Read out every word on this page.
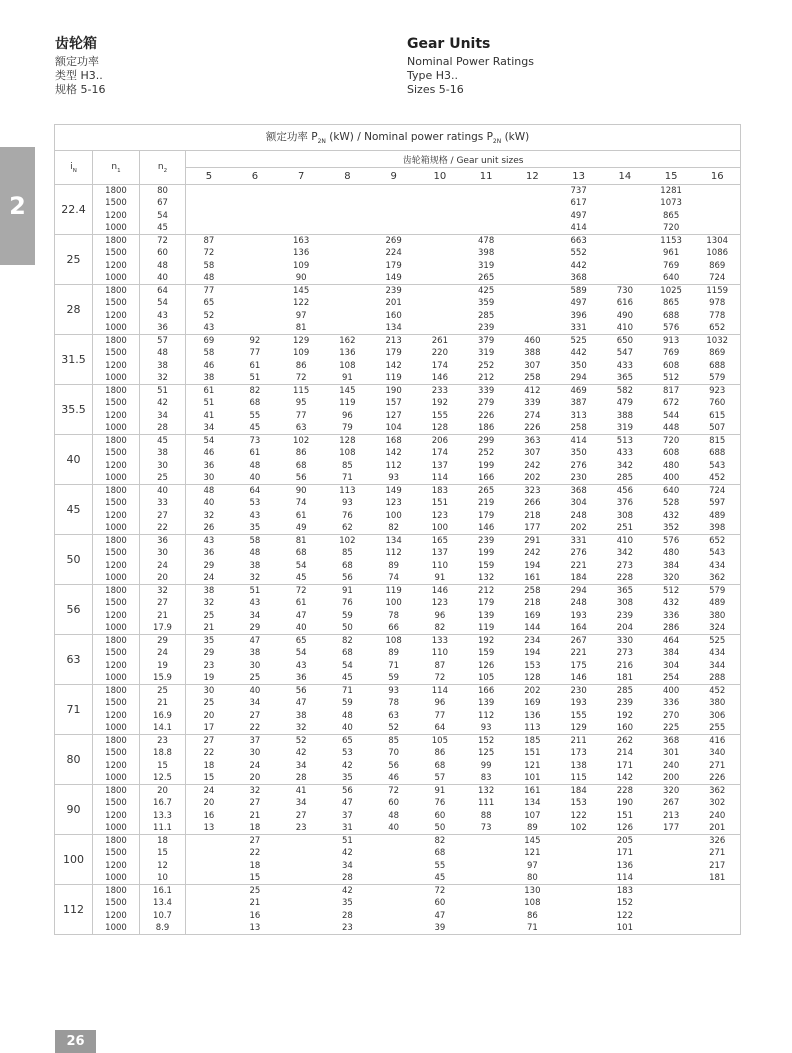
齿轮箱
额定功率
类型 H3..
规格 5-16
Gear Units
Nominal Power Ratings
Type H3..
Sizes 5-16
2
额定功率 $P_{2N}$ (kW) / Nominal power ratings $P_{2N}$ (kW)														
$i_N$	$n_1$	$n_2$	齿轮箱规格 / Gear unit sizes											
			5	6	7	8	9	10	11	12	13	14	15	16
22.4	1800	80									737		1281	
	1500	67									617		1073	
	1200	54									497		865	
	1000	45									414		720	
25	1800	72	87		163		269		478		663		1153	1304
	1500	60	72		136		224		398		552		961	1086
	1200	48	58		109		179		319		442		769	869
	1000	40	48		90		149		265		368		640	724
28	1800	64	77		145		239		425		589	730	1025	1159
	1500	54	65		122		201		359		497	616	865	978
	1200	43	52		97		160		285		396	490	688	778
	1000	36	43		81		134		239		331	410	576	652
31.5	1800	57	69	92	129	162	213	261	379	460	525	650	913	1032
	1500	48	58	77	109	136	179	220	319	388	442	547	769	869
	1200	38	46	61	86	108	142	174	252	307	350	433	608	688
	1000	32	38	51	72	91	119	146	212	258	294	365	512	579
35.5	1800	51	61	82	115	145	190	233	339	412	469	582	817	923
	1500	42	51	68	95	119	157	192	279	339	387	479	672	760
	1200	34	41	55	77	96	127	155	226	274	313	388	544	615
	1000	28	34	45	63	79	104	128	186	226	258	319	448	507
40	1800	45	54	73	102	128	168	206	299	363	414	513	720	815
	1500	38	46	61	86	108	142	174	252	307	350	433	608	688
	1200	30	36	48	68	85	112	137	199	242	276	342	480	543
	1000	25	30	40	56	71	93	114	166	202	230	285	400	452
45	1800	40	48	64	90	113	149	183	265	323	368	456	640	724
	1500	33	40	53	74	93	123	151	219	266	304	376	528	597
	1200	27	32	43	61	76	100	123	179	218	248	308	432	489
	1000	22	26	35	49	62	82	100	146	177	202	251	352	398
50	1800	36	43	58	81	102	134	165	239	291	331	410	576	652
	1500	30	36	48	68	85	112	137	199	242	276	342	480	543
	1200	24	29	38	54	68	89	110	159	194	221	273	384	434
	1000	20	24	32	45	56	74	91	132	161	184	228	320	362
56	1800	32	38	51	72	91	119	146	212	258	294	365	512	579
	1500	27	32	43	61	76	100	123	179	218	248	308	432	489
	1200	21	25	34	47	59	78	96	139	169	193	239	336	380
	1000	17.9	21	29	40	50	66	82	119	144	164	204	286	324
63	1800	29	35	47	65	82	108	133	192	234	267	330	464	525
	1500	24	29	38	54	68	89	110	159	194	221	273	384	434
	1200	19	23	30	43	54	71	87	126	153	175	216	304	344
	1000	15.9	19	25	36	45	59	72	105	128	146	181	254	288
71	1800	25	30	40	56	71	93	114	166	202	230	285	400	452
	1500	21	25	34	47	59	78	96	139	169	193	239	336	380
	1200	16.9	20	27	38	48	63	77	112	136	155	192	270	306
	1000	14.1	17	22	32	40	52	64	93	113	129	160	225	255
80	1800	23	27	37	52	65	85	105	152	185	211	262	368	416
	1500	18.8	22	30	42	53	70	86	125	151	173	214	301	340
	1200	15	18	24	34	42	56	68	99	121	138	171	240	271
	1000	12.5	15	20	28	35	46	57	83	101	115	142	200	226
90	1800	20	24	32	41	56	72	91	132	161	184	228	320	362
	1500	16.7	20	27	34	47	60	76	111	134	153	190	267	302
	1200	13.3	16	21	27	37	48	60	88	107	122	151	213	240
	1000	11.1	13	18	23	31	40	50	73	89	102	126	177	201
100	1800	18		27		51		82		145		205		326
	1500	15		22		42		68		121		171		271
	1200	12		18		34		55		97		136		217
	1000	10		15		28		45		80		114		181
112	1800	16.1		25		42		72		130		183		
	1500	13.4		21		35		60		108		152		
	1200	10.7		16		28		47		86		122		
	1000	8.9		13		23		39		71		101		
26
